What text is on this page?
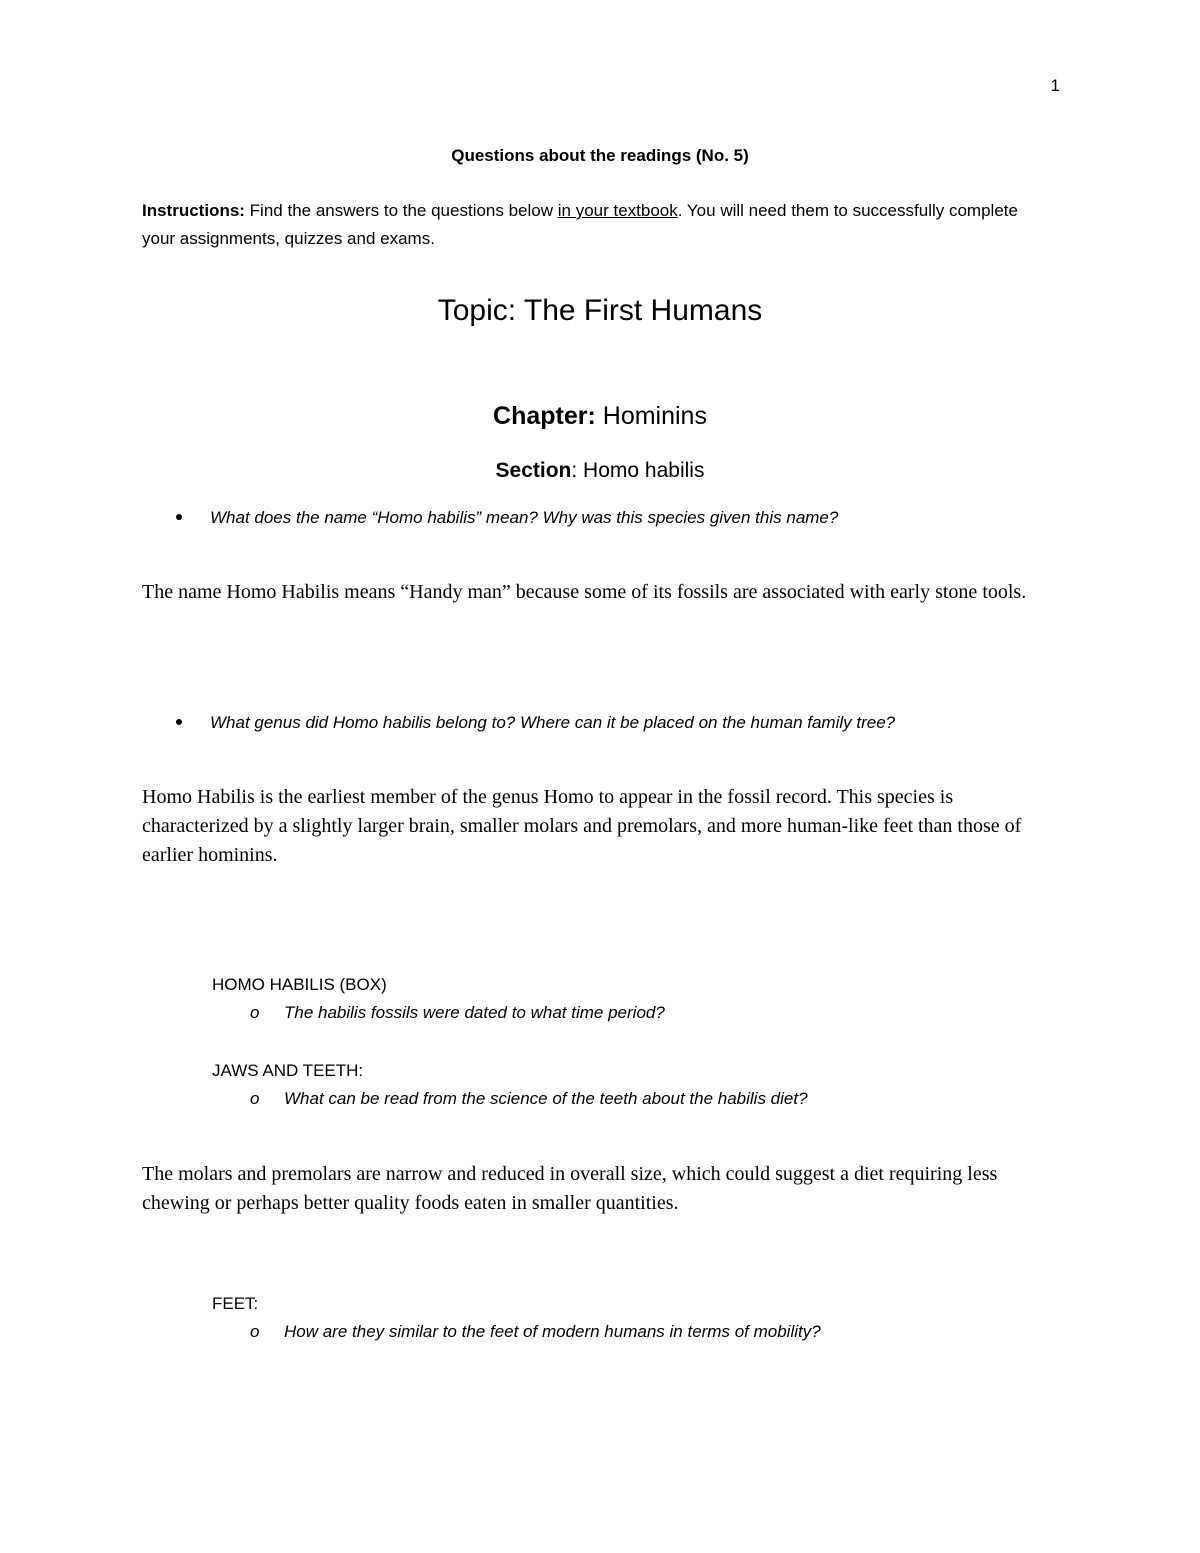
1
Questions about the readings (No. 5)
Instructions: Find the answers to the questions below in your textbook. You will need them to successfully complete your assignments, quizzes and exams.
Topic: The First Humans
Chapter: Hominins
Section: Homo habilis
What does the name “Homo habilis” mean? Why was this species given this name?
The name Homo Habilis means “Handy man” because some of its fossils are associated with early stone tools.
What genus did Homo habilis belong to? Where can it be placed on the human family tree?
Homo Habilis is the earliest member of the genus Homo to appear in the fossil record. This species is characterized by a slightly larger brain, smaller molars and premolars, and more human-like feet than those of earlier hominins.
HOMO HABILIS (BOX)
o The habilis fossils were dated to what time period?
JAWS AND TEETH:
o What can be read from the science of the teeth about the habilis diet?
The molars and premolars are narrow and reduced in overall size, which could suggest a diet requiring less chewing or perhaps better quality foods eaten in smaller quantities.
FEET:
o How are they similar to the feet of modern humans in terms of mobility?
